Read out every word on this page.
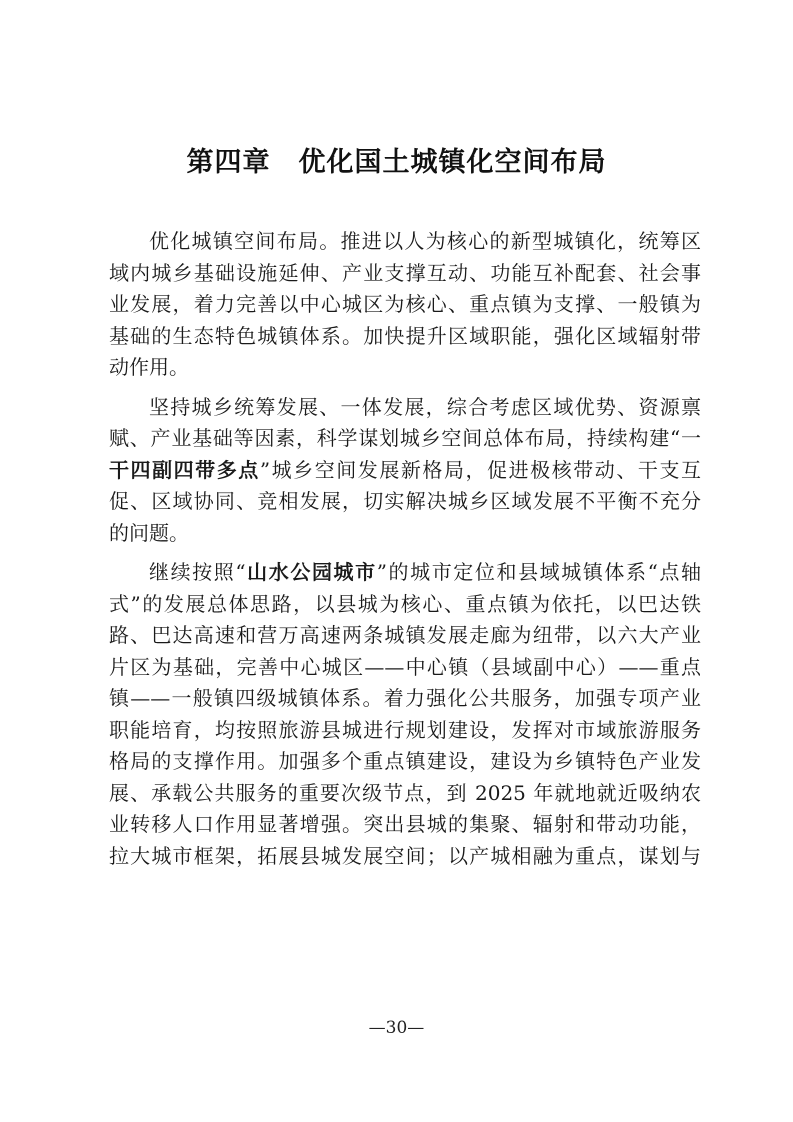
第四章　优化国土城镇化空间布局
优化城镇空间布局。推进以人为核心的新型城镇化，统筹区
域内城乡基础设施延伸、产业支撑互动、功能互补配套、社会事
业发展，着力完善以中心城区为核心、重点镇为支撑、一般镇为
基础的生态特色城镇体系。加快提升区域职能，强化区域辐射带
动作用。
坚持城乡统筹发展、一体发展，综合考虑区域优势、资源禀
赋、产业基础等因素，科学谋划城乡空间总体布局，持续构建“一
干四副四带多点”城乡空间发展新格局，促进极核带动、干支互
促、区域协同、竞相发展，切实解决城乡区域发展不平衡不充分
的问题。
继续按照“山水公园城市”的城市定位和县域城镇体系“点轴
式”的发展总体思路，以县城为核心、重点镇为依托，以巴达铁
路、巴达高速和营万高速两条城镇发展走廊为纽带，以六大产业
片区为基础，完善中心城区——中心镇（县域副中心）——重点
镇——一般镇四级城镇体系。着力强化公共服务，加强专项产业
职能培育，均按照旅游县城进行规划建设，发挥对市域旅游服务
格局的支撑作用。加强多个重点镇建设，建设为乡镇特色产业发
展、承载公共服务的重要次级节点，到 2025 年就地就近吸纳农
业转移人口作用显著增强。突出县城的集聚、辐射和带动功能，
拉大城市框架，拓展县城发展空间；以产城相融为重点，谋划与
—30—
